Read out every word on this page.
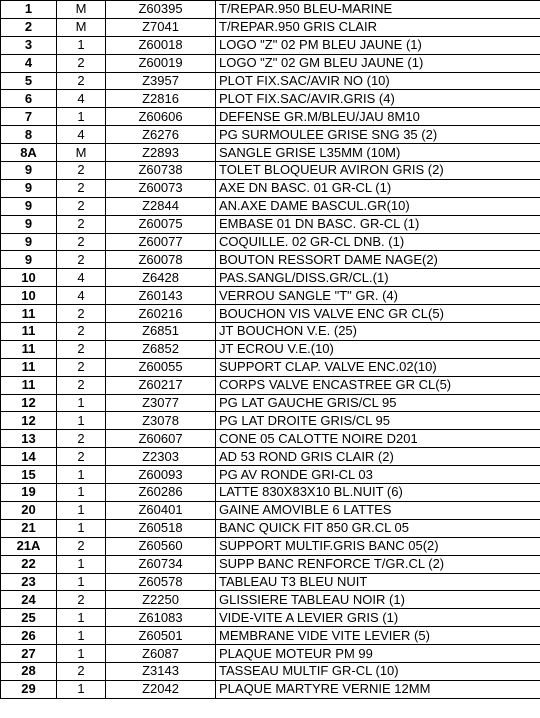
1	M	Z60395	T/REPAR.950 BLEU-MARINE
2	M	Z7041	T/REPAR.950 GRIS CLAIR
3	1	Z60018	LOGO "Z" 02 PM BLEU JAUNE (1)
4	2	Z60019	LOGO "Z" 02 GM BLEU JAUNE (1)
5	2	Z3957	PLOT FIX.SAC/AVIR NO (10)
6	4	Z2816	PLOT FIX.SAC/AVIR.GRIS (4)
7	1	Z60606	DEFENSE GR.M/BLEU/JAU 8M10
8	4	Z6276	PG SURMOULEE GRISE SNG 35 (2)
8A	M	Z2893	SANGLE GRISE L35MM (10M)
9	2	Z60738	TOLET BLOQUEUR AVIRON GRIS (2)
9	2	Z60073	AXE DN BASC. 01 GR-CL (1)
9	2	Z2844	AN.AXE DAME BASCUL.GR(10)
9	2	Z60075	EMBASE 01 DN BASC. GR-CL (1)
9	2	Z60077	COQUILLE. 02 GR-CL DNB. (1)
9	2	Z60078	BOUTON RESSORT DAME NAGE(2)
10	4	Z6428	PAS.SANGL/DISS.GR/CL.(1)
10	4	Z60143	VERROU SANGLE "T" GR. (4)
11	2	Z60216	BOUCHON VIS VALVE ENC GR CL(5)
11	2	Z6851	JT BOUCHON V.E. (25)
11	2	Z6852	JT ECROU V.E.(10)
11	2	Z60055	SUPPORT CLAP. VALVE ENC.02(10)
11	2	Z60217	CORPS VALVE ENCASTREE GR CL(5)
12	1	Z3077	PG LAT GAUCHE GRIS/CL 95
12	1	Z3078	PG LAT DROITE GRIS/CL 95
13	2	Z60607	CONE 05 CALOTTE NOIRE D201
14	2	Z2303	AD 53 ROND GRIS CLAIR (2)
15	1	Z60093	PG AV RONDE GRI-CL 03
19	1	Z60286	LATTE 830X83X10 BL.NUIT (6)
20	1	Z60401	GAINE AMOVIBLE 6 LATTES
21	1	Z60518	BANC QUICK FIT 850 GR.CL 05
21A	2	Z60560	SUPPORT MULTIF.GRIS BANC 05(2)
22	1	Z60734	SUPP BANC RENFORCE T/GR.CL (2)
23	1	Z60578	TABLEAU T3 BLEU NUIT
24	2	Z2250	GLISSIERE TABLEAU NOIR (1)
25	1	Z61083	VIDE-VITE A LEVIER GRIS (1)
26	1	Z60501	MEMBRANE VIDE VITE LEVIER (5)
27	1	Z6087	PLAQUE MOTEUR PM 99
28	2	Z3143	TASSEAU MULTIF GR-CL (10)
29	1	Z2042	PLAQUE MARTYRE VERNIE 12MM
